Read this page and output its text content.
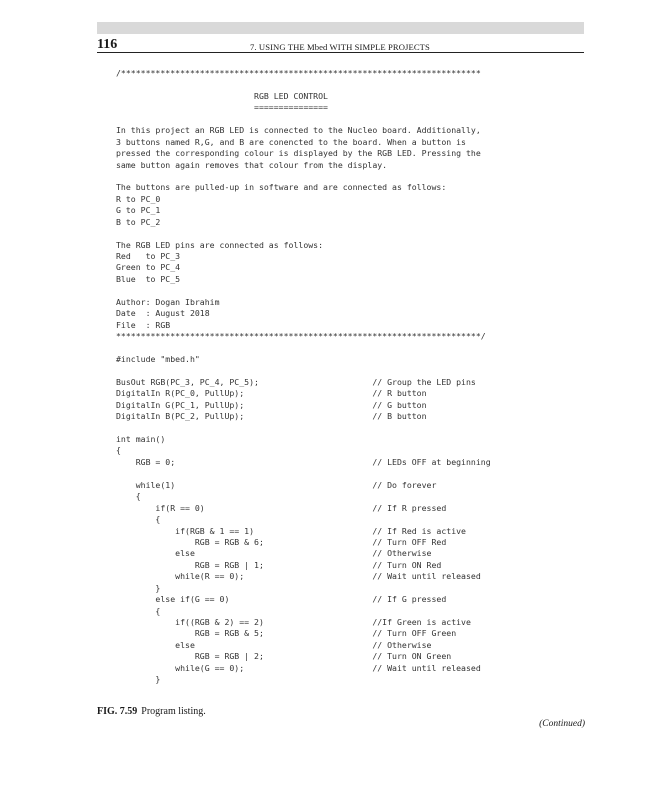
116	7. USING THE Mbed WITH SIMPLE PROJECTS
/*************************************************************************
RGB LED CONTROL
===============
In this project an RGB LED is connected to the Nucleo board. Additionally,
3 buttons named R,G, and B are conencted to the board. When a button is
pressed the corresponding colour is displayed by the RGB LED. Pressing the
same button again removes that colour from the display.
The buttons are pulled-up in software and are connected as follows:
R to PC_0
G to PC_1
B to PC_2
The RGB LED pins are connected as follows:
Red   to PC_3
Green to PC_4
Blue  to PC_5
Author: Dogan Ibrahim
Date  : August 2018
File  : RGB
**************************************************************************/
#include "mbed.h"
BusOut RGB(PC_3, PC_4, PC_5);                       // Group the LED pins
DigitalIn R(PC_0, PullUp);                          // R button
DigitalIn G(PC_1, PullUp);                          // G button
DigitalIn B(PC_2, PullUp);                          // B button
int main()
{
RGB = 0;                                        // LEDs OFF at beginning
while(1)                                        // Do forever
{
if(R == 0)                                  // If R pressed
{
if(RGB & 1 == 1)                        // If Red is active
RGB = RGB & 6;                      // Turn OFF Red
else                                    // Otherwise
RGB = RGB | 1;                      // Turn ON Red
while(R == 0);                          // Wait until released
}
else if(G == 0)                             // If G pressed
{
if((RGB & 2) == 2)                      //If Green is active
RGB = RGB & 5;                      // Turn OFF Green
else                                    // Otherwise
RGB = RGB | 2;                      // Turn ON Green
while(G == 0);                          // Wait until released
}
FIG. 7.59 Program listing.
(Continued)
